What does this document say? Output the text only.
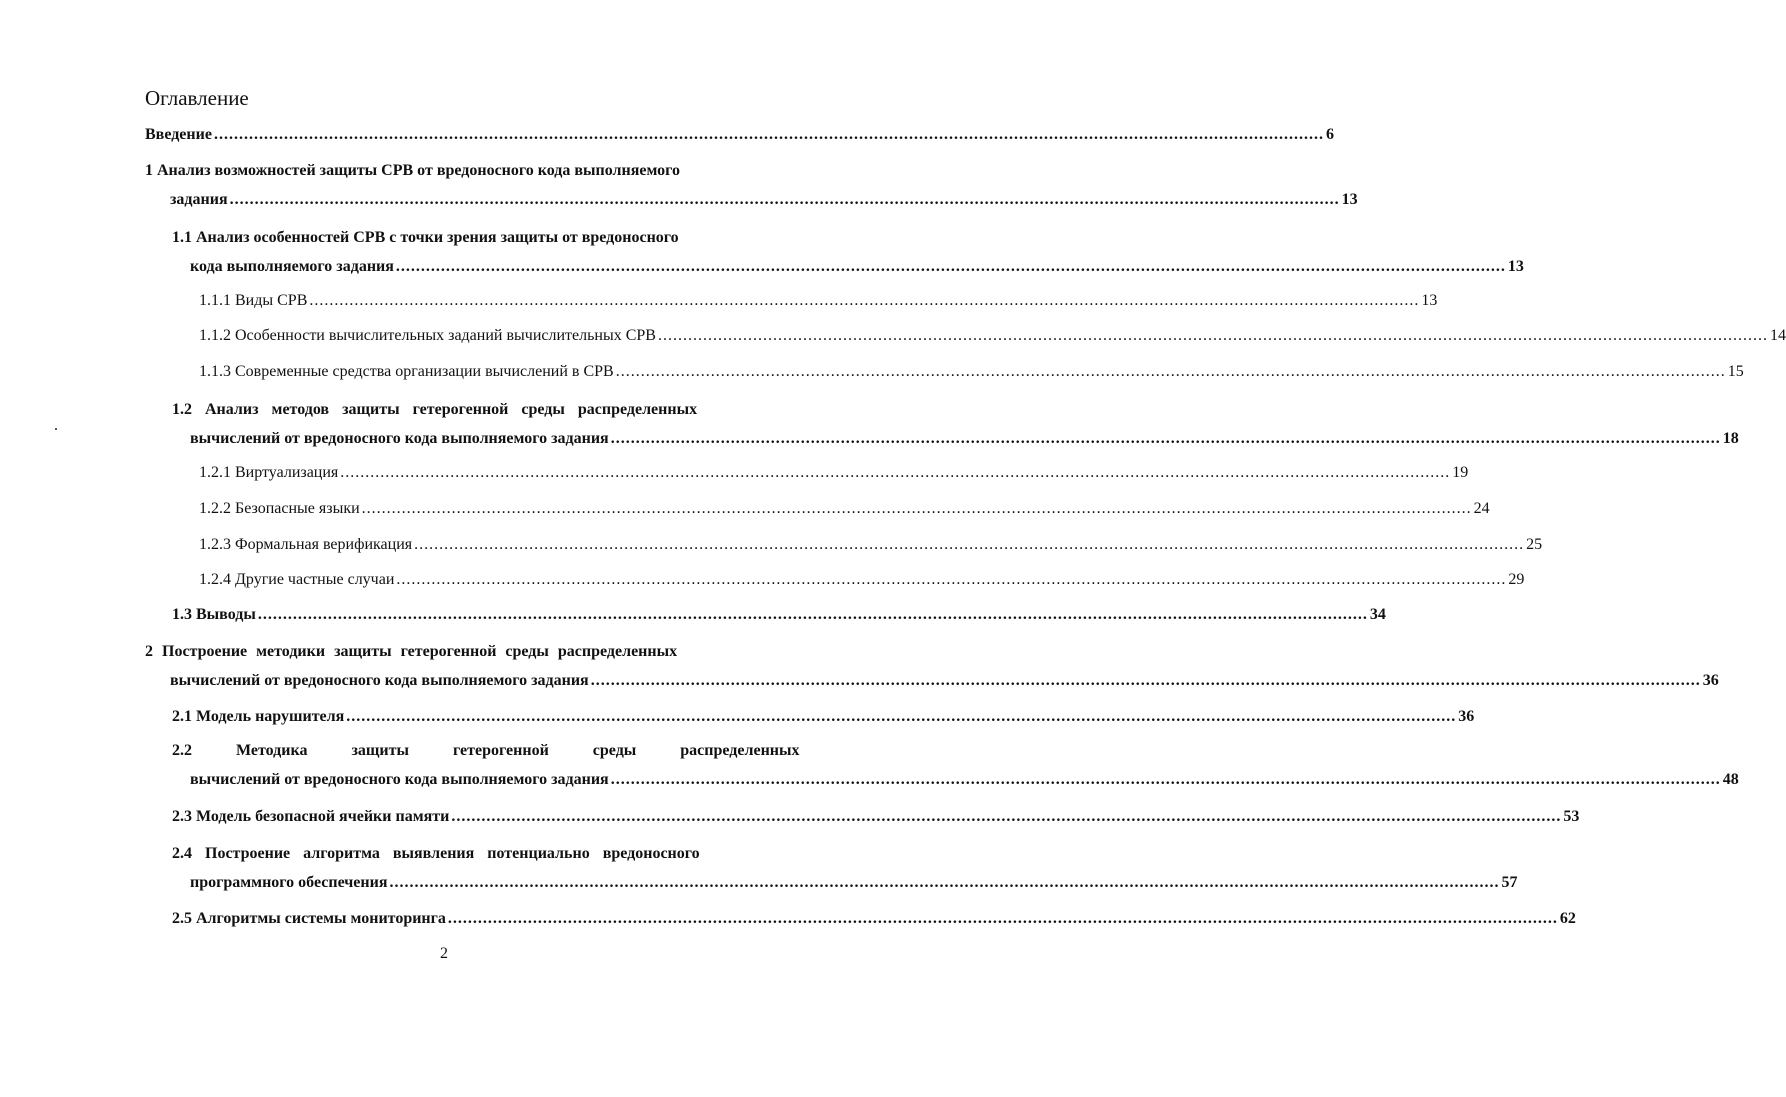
Оглавление
Введение .............................................................................................................................................................................................................................. 6
1 Анализ возможностей защиты СРВ от вредоносного кода выполняемого
задания .............................................................................................................................................................................................................................. 13
1.1 Анализ особенностей СРВ с точки зрения защиты от вредоносного
кода выполняемого задания .............................................................................................................................................................................................................................. 13
1.1.1 Виды СРВ .............................................................................................................................................................................................................................. 13
1.1.2 Особенности вычислительных заданий вычислительных СРВ .............................................................................................................................................................................................................................. 14
1.1.3 Современные средства организации вычислений в СРВ .............................................................................................................................................................................................................................. 15
1.2 Анализ методов защиты гетерогенной среды распределенных
вычислений от вредоносного кода выполняемого задания .............................................................................................................................................................................................................................. 18
1.2.1 Виртуализация .............................................................................................................................................................................................................................. 19
1.2.2 Безопасные языки .............................................................................................................................................................................................................................. 24
1.2.3 Формальная верификация .............................................................................................................................................................................................................................. 25
1.2.4 Другие частные случаи .............................................................................................................................................................................................................................. 29
1.3 Выводы .............................................................................................................................................................................................................................. 34
2 Построение методики защиты гетерогенной среды распределенных
вычислений от вредоносного кода выполняемого задания .............................................................................................................................................................................................................................. 36
2.1 Модель нарушителя .............................................................................................................................................................................................................................. 36
2.2 Методика защиты гетерогенной среды распределенных
вычислений от вредоносного кода выполняемого задания .............................................................................................................................................................................................................................. 48
2.3 Модель безопасной ячейки памяти .............................................................................................................................................................................................................................. 53
2.4 Построение алгоритма выявления потенциально вредоносного
программного обеспечения .............................................................................................................................................................................................................................. 57
2.5 Алгоритмы системы мониторинга .............................................................................................................................................................................................................................. 62
2
